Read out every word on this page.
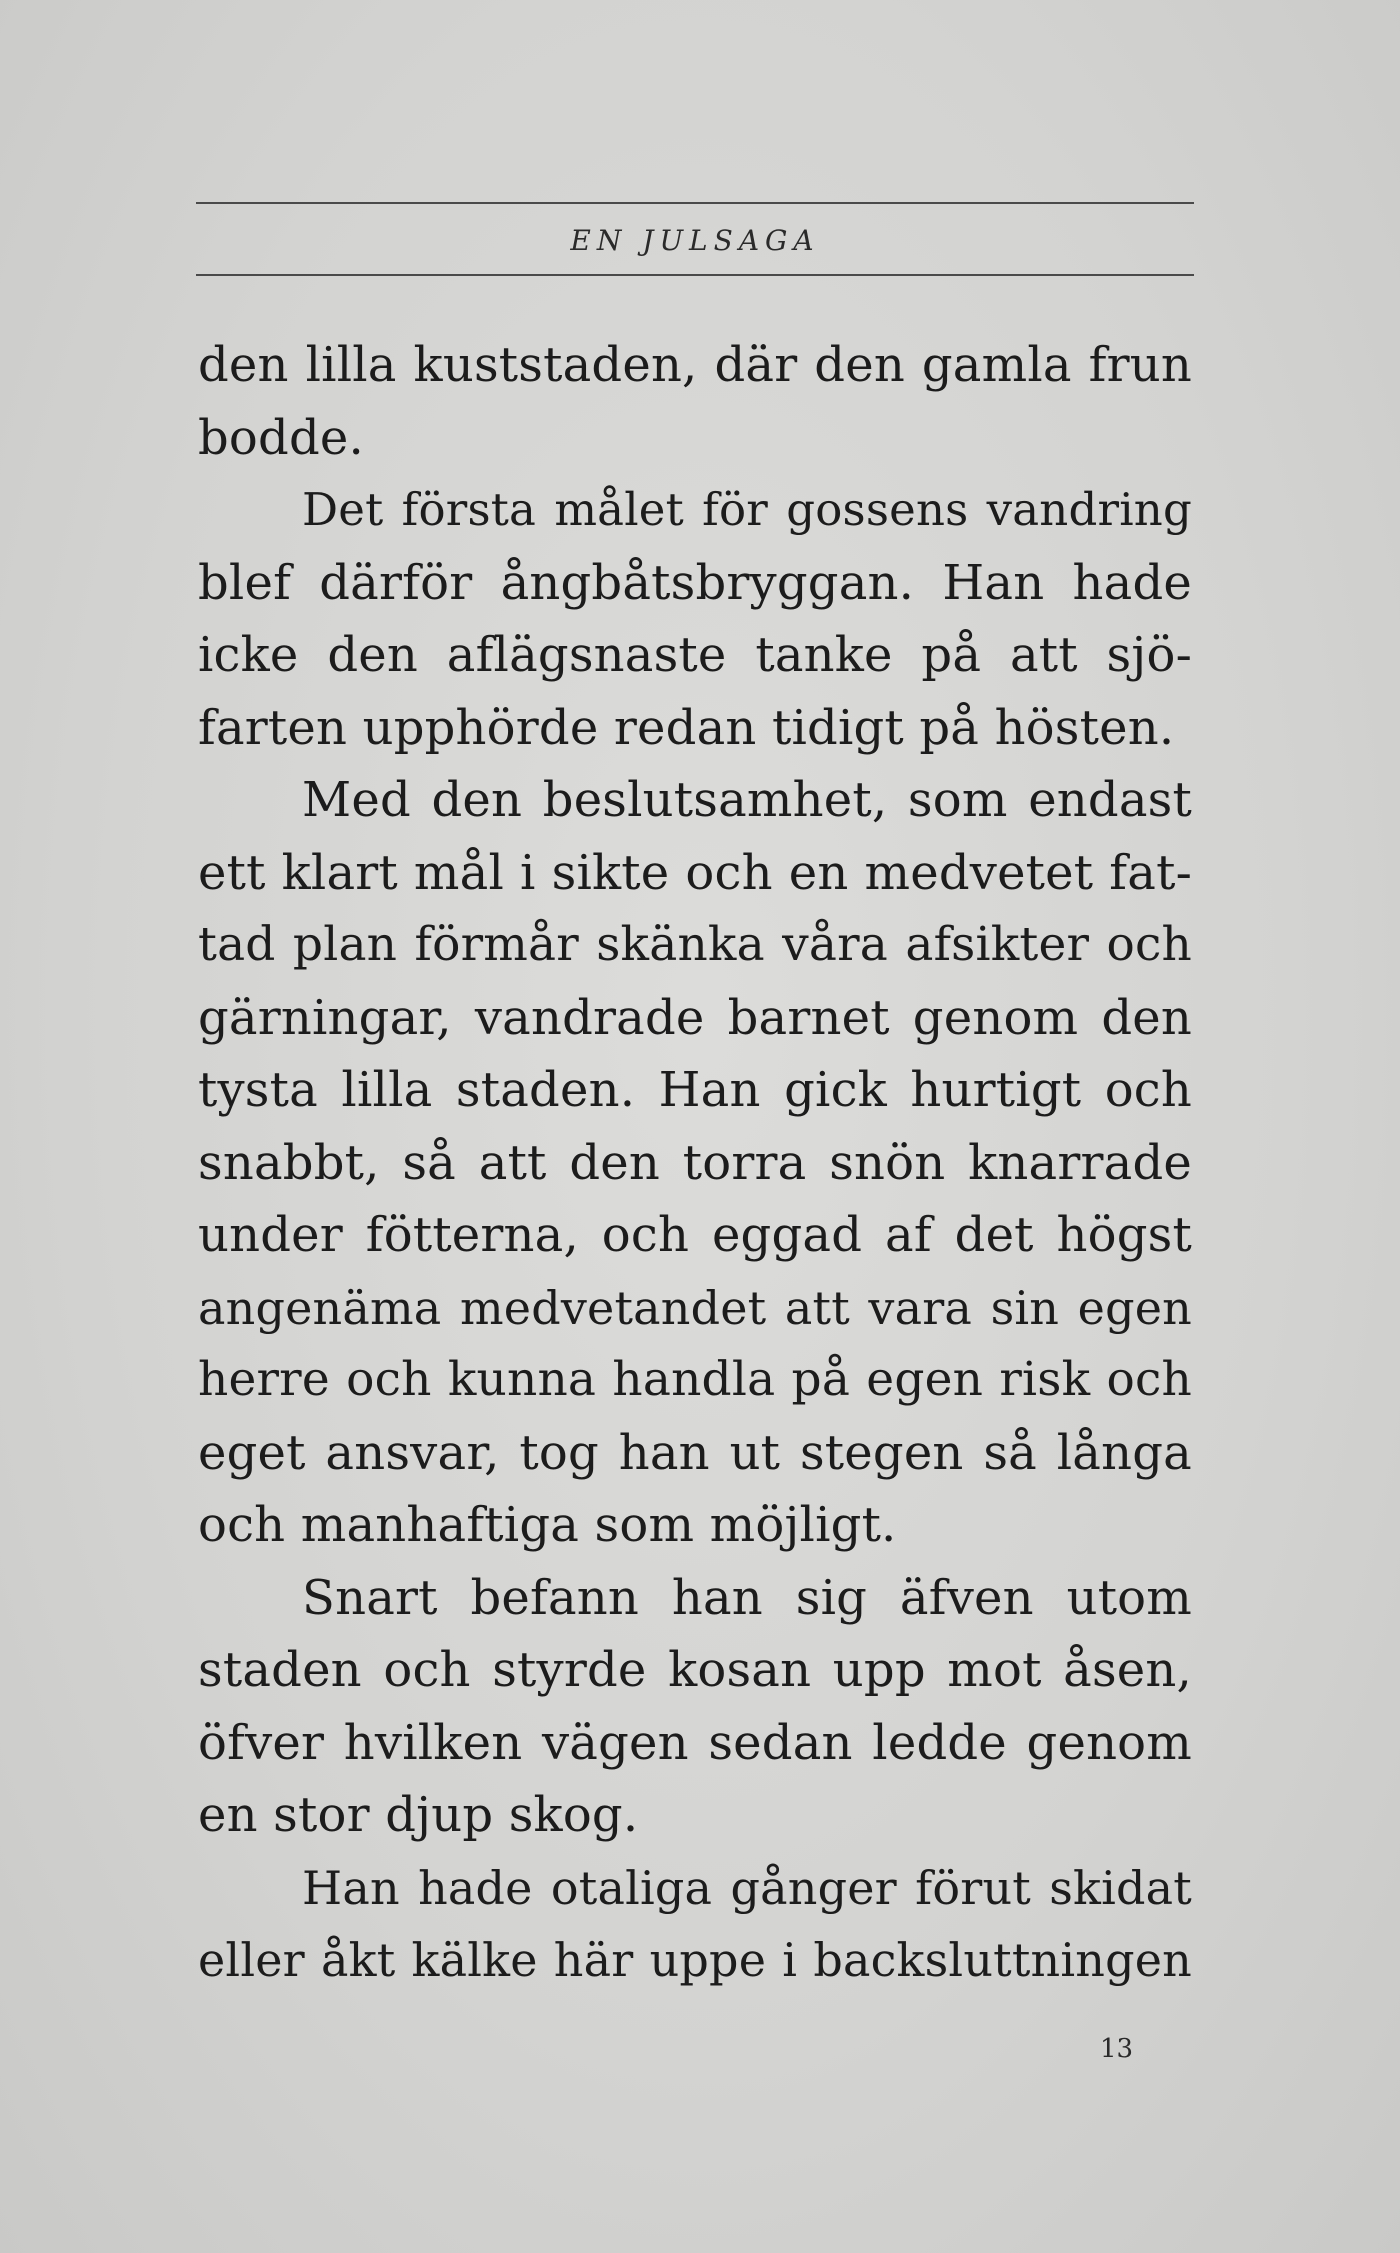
EN JULSAGA
den lilla kuststaden, där den gamla frun
bodde.
Det första målet för gossens vandring
blef därför ångbåtsbryggan. Han hade
icke den aflägsnaste tanke på att sjö-
farten upphörde redan tidigt på hösten.
Med den beslutsamhet, som endast
ett klart mål i sikte och en medvetet fat-
tad plan förmår skänka våra afsikter och
gärningar, vandrade barnet genom den
tysta lilla staden. Han gick hurtigt och
snabbt, så att den torra snön knarrade
under fötterna, och eggad af det högst
angenäma medvetandet att vara sin egen
herre och kunna handla på egen risk och
eget ansvar, tog han ut stegen så långa
och manhaftiga som möjligt.
Snart befann han sig äfven utom
staden och styrde kosan upp mot åsen,
öfver hvilken vägen sedan ledde genom
en stor djup skog.
Han hade otaliga gånger förut skidat
eller åkt kälke här uppe i backsluttningen
13
